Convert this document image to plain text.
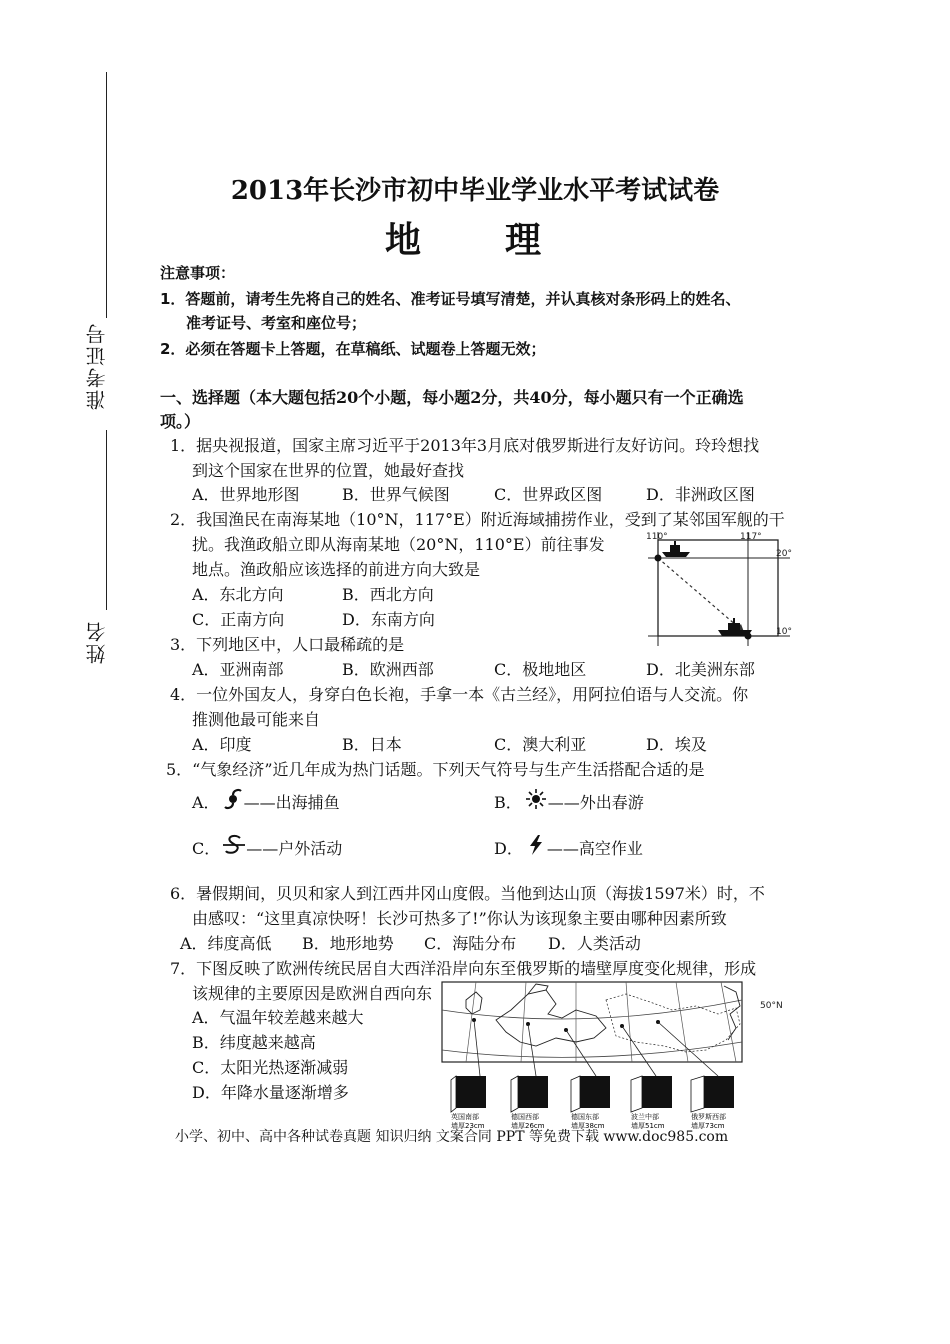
准考证号
姓名
2013年长沙市初中毕业学业水平考试试卷
地　理
注意事项：
1．答题前，请考生先将自己的姓名、准考证号填写清楚，并认真核对条形码上的姓名、
准考证号、考室和座位号；
2．必须在答题卡上答题，在草稿纸、试题卷上答题无效；
一、选择题（本大题包括20个小题，每小题2分，共40分，每小题只有一个正确选
项。）
1．据央视报道，国家主席习近平于2013年3月底对俄罗斯进行友好访问。玲玲想找
到这个国家在世界的位置，她最好查找
A．世界地形图	B．世界气候图	C．世界政区图	D．非洲政区图
2．我国渔民在南海某地（10°N，117°E）附近海域捕捞作业，受到了某邻国军舰的干
扰。我渔政船立即从海南某地（20°N，110°E）前往事发
地点。渔政船应该选择的前进方向大致是
A．东北方向	B．西北方向
C．正南方向	D．东南方向
110°	117°
20°
10°
3．下列地区中，人口最稀疏的是
A．亚洲南部	B．欧洲西部	C．极地地区	D．北美洲东部
4．一位外国友人，身穿白色长袍，手拿一本《古兰经》，用阿拉伯语与人交流。你
推测他最可能来自
A．印度	B．日本	C．澳大利亚	D．埃及
5．“气象经济”近几年成为热门话题。下列天气符号与生产生活搭配合适的是
A． ——出海捕鱼	B． ——外出春游
C． ——户外活动	D． ——高空作业
6．暑假期间，贝贝和家人到江西井冈山度假。当他到达山顶（海拔1597米）时，不
由感叹：“这里真凉快呀！长沙可热多了!”你认为该现象主要由哪种因素所致
A．纬度高低 B．地形地势 C．海陆分布 D．人类活动
7．下图反映了欧洲传统民居自大西洋沿岸向东至俄罗斯的墙壁厚度变化规律，形成
该规律的主要原因是欧洲自西向东
A．气温年较差越来越大
B．纬度越来越高
C．太阳光热逐渐减弱
D．年降水量逐渐增多
50°N
英国南部
墙厚23cm
德国西部
墙厚26cm
德国东部
墙厚38cm
波兰中部
墙厚51cm
俄罗斯西部
墙厚73cm
小学、初中、高中各种试卷真题 知识归纳 文案合同 PPT 等免费下载 www.doc985.com
